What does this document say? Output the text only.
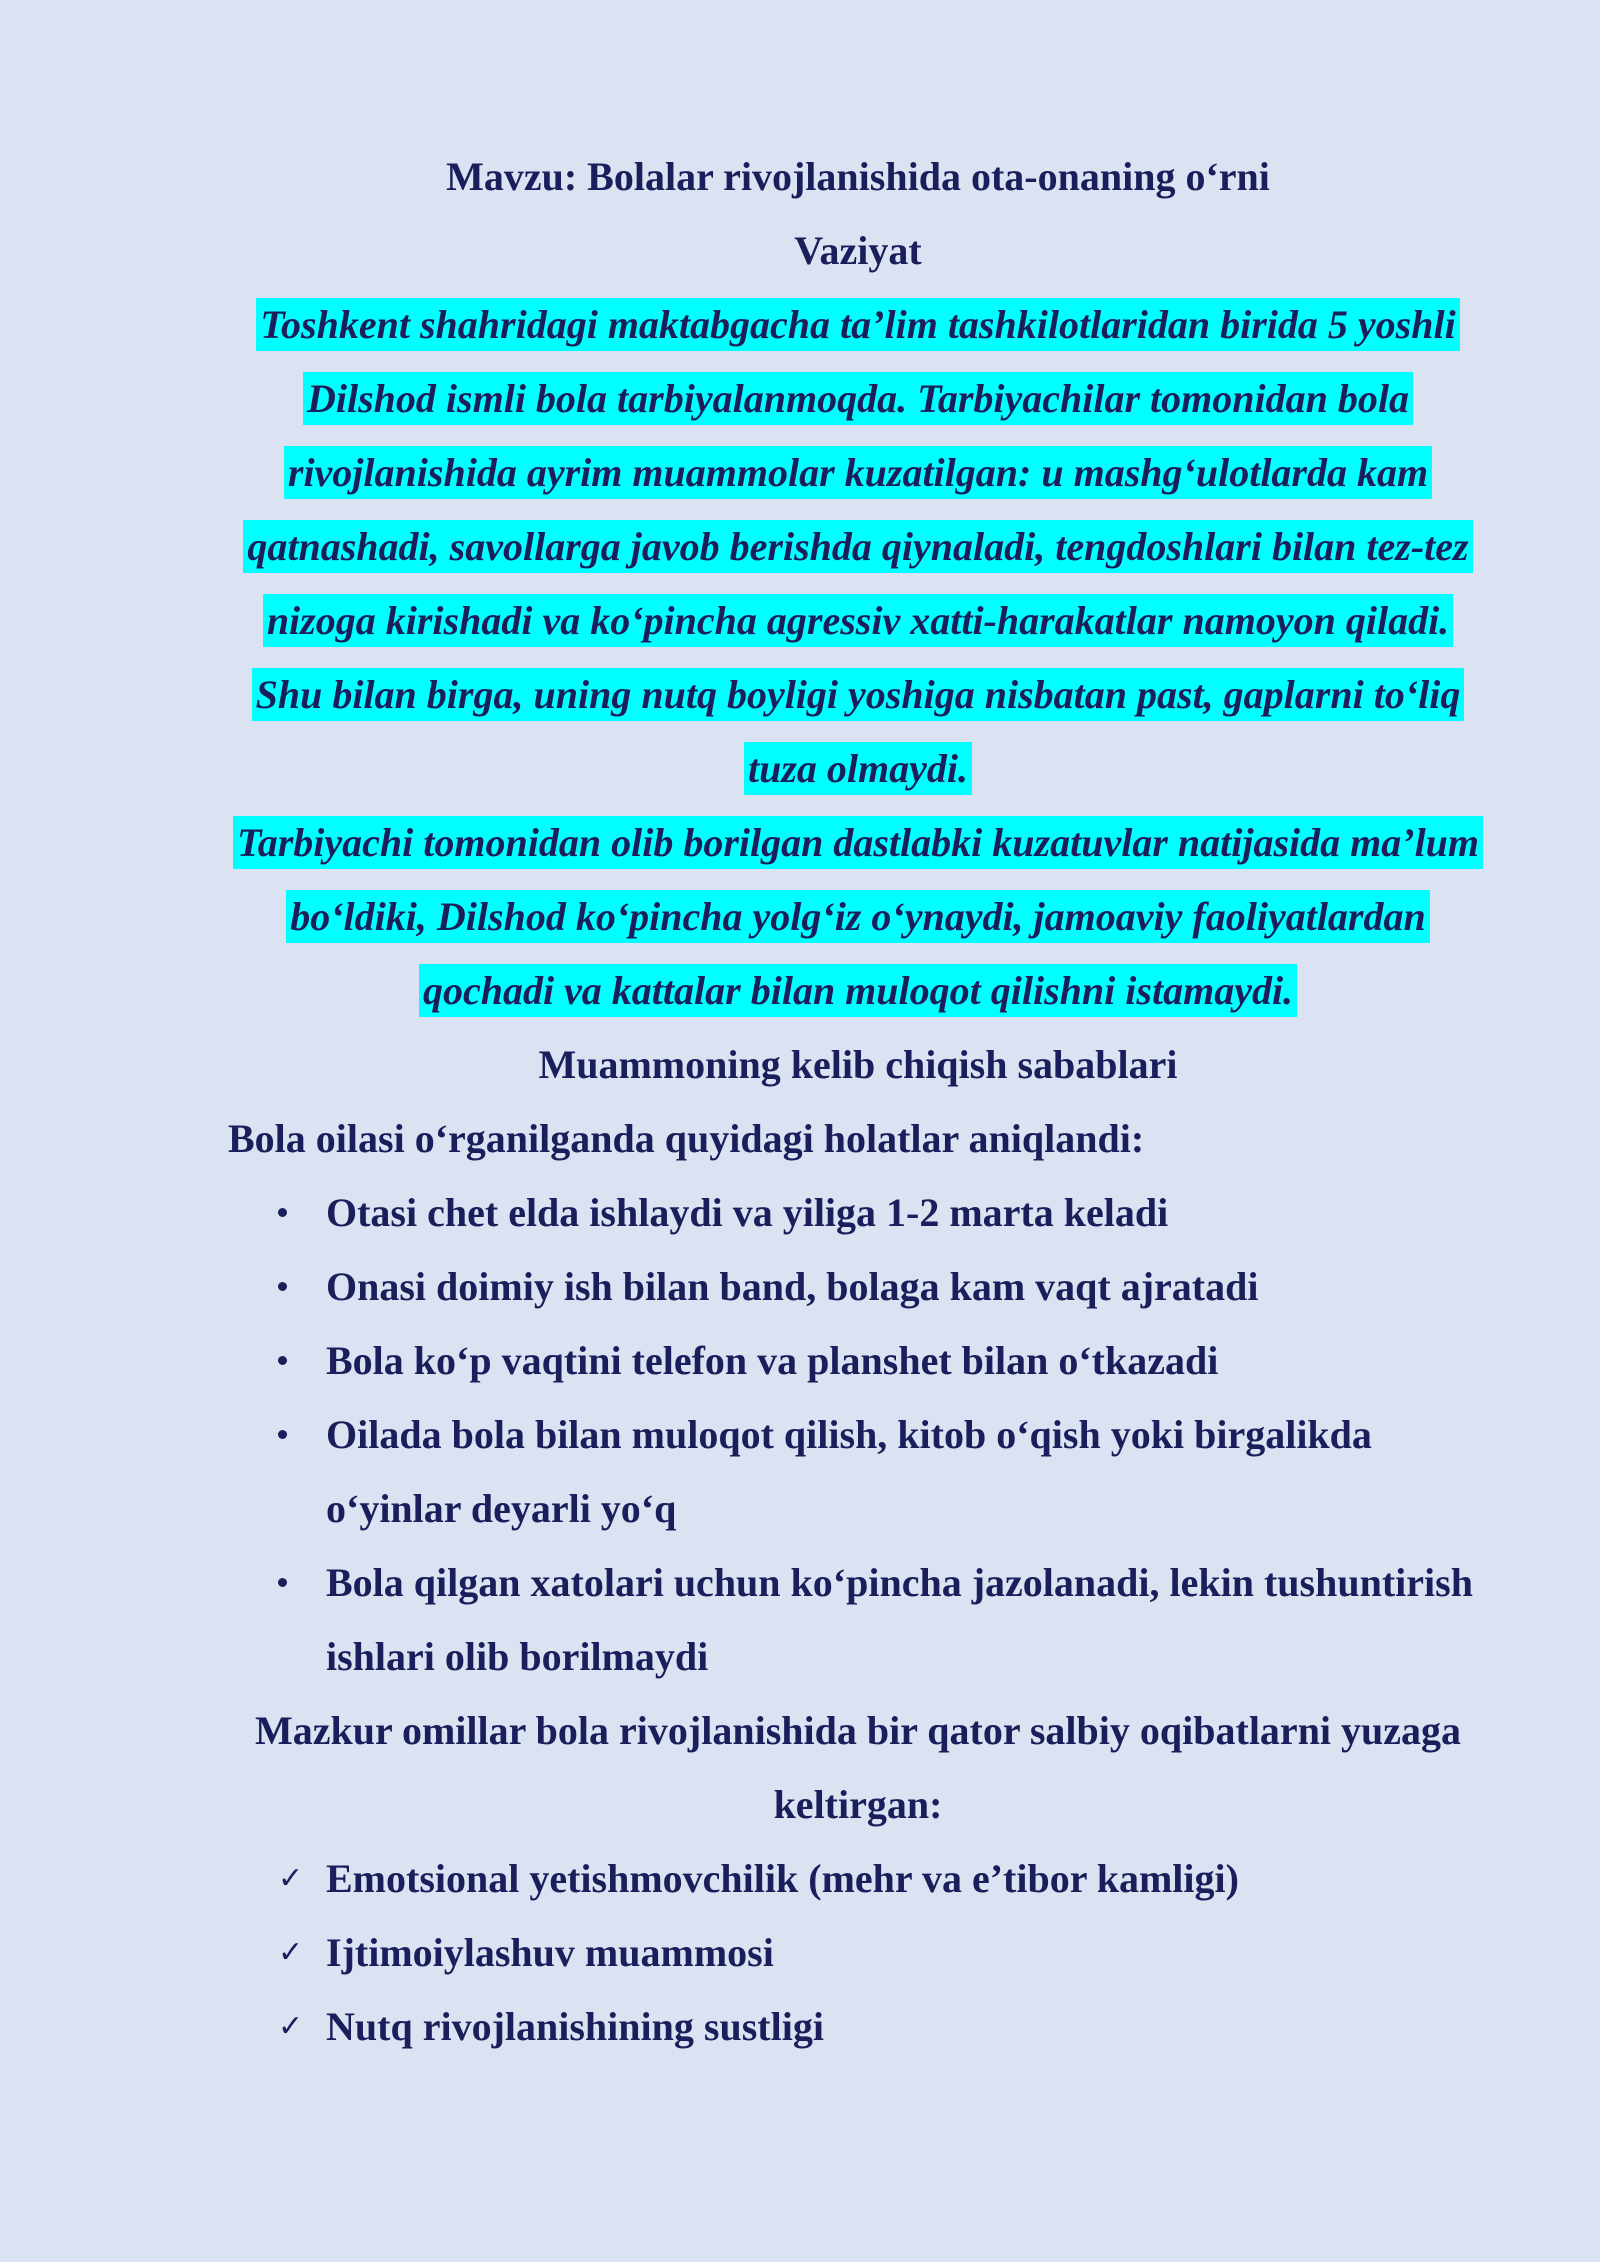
Mavzu: Bolalar rivojlanishida ota-onaning o‘rni

Vaziyat

Toshkent shahridagi maktabgacha ta’lim tashkilotlaridan birida 5 yoshli Dilshod ismli bola tarbiyalanmoqda. Tarbiyachilar tomonidan bola rivojlanishida ayrim muammolar kuzatilgan: u mashg‘ulotlarda kam qatnashadi, savollarga javob berishda qiynaladi, tengdoshlari bilan tez-tez nizoga kirishadi va ko‘pincha agressiv xatti-harakatlar namoyon qiladi. Shu bilan birga, uning nutq boyligi yoshiga nisbatan past, gaplarni to‘liq tuza olmaydi.

Tarbiyachi tomonidan olib borilgan dastlabki kuzatuvlar natijasida ma’lum bo‘ldiki, Dilshod ko‘pincha yolg‘iz o‘ynaydi, jamoaviy faoliyatlardan qochadi va kattalar bilan muloqot qilishni istamaydi.

Muammoning kelib chiqish sabablari

Bola oilasi o‘rganilganda quyidagi holatlar aniqlandi:

Otasi chet elda ishlaydi va yiliga 1-2 marta keladi
Onasi doimiy ish bilan band, bolaga kam vaqt ajratadi
Bola ko‘p vaqtini telefon va planshet bilan o‘tkazadi
Oilada bola bilan muloqot qilish, kitob o‘qish yoki birgalikda o‘yinlar deyarli yo‘q
Bola qilgan xatolari uchun ko‘pincha jazolanadi, lekin tushuntirish ishlari olib borilmaydi

Mazkur omillar bola rivojlanishida bir qator salbiy oqibatlarni yuzaga keltirgan:

✓ Emotsional yetishmovchilik (mehr va e’tibor kamligi)
✓ Ijtimoiylashuv muammosi
✓ Nutq rivojlanishining sustligi
